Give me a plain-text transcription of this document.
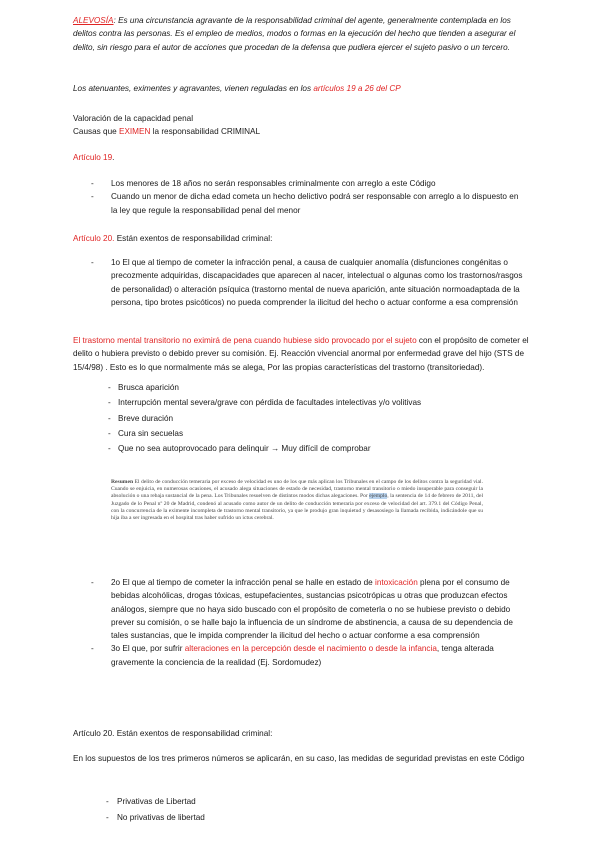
ALEVOSÍA: Es una circunstancia agravante de la responsabilidad criminal del agente, generalmente contemplada en los delitos contra las personas. Es el empleo de medios, modos o formas en la ejecución del hecho que tienden a asegurar el delito, sin riesgo para el autor de acciones que procedan de la defensa que pudiera ejercer el sujeto pasivo o un tercero.
Los atenuantes, eximentes y agravantes, vienen reguladas en los artículos 19 a 26 del CP
Valoración de la capacidad penal
Causas que EXIMEN la responsabilidad CRIMINAL
Artículo 19.
- Los menores de 18 años no serán responsables criminalmente con arreglo a este Código
- Cuando un menor de dicha edad cometa un hecho delictivo podrá ser responsable con arreglo a lo dispuesto en la ley que regule la responsabilidad penal del menor
Artículo 20. Están exentos de responsabilidad criminal:
- 1o El que al tiempo de cometer la infracción penal, a causa de cualquier anomalía (disfunciones congénitas o precozmente adquiridas, discapacidades que aparecen al nacer, intelectual o algunas como los trastornos/rasgos de personalidad) o alteración psíquica (trastorno mental de nueva aparición, ante situación normoadaptada de la persona, tipo brotes psicóticos) no pueda comprender la ilicitud del hecho o actuar conforme a esa comprensión
El trastorno mental transitorio no eximirá de pena cuando hubiese sido provocado por el sujeto con el propósito de cometer el delito o hubiera previsto o debido prever su comisión. Ej. Reacción vivencial anormal por enfermedad grave del hijo (STS de 15/4/98) . Esto es lo que normalmente más se alega, Por las propias características del trastorno (transitoriedad).
- Brusca aparición
- Interrupción mental severa/grave con pérdida de facultades intelectivas y/o volitivas
- Breve duración
- Cura sin secuelas
- Que no sea autoprovocado para delinquir → Muy difícil de comprobar
Resumen El delito de conducción temeraria por exceso de velocidad es uno de los que más aplican los Tribunales en el campo de los delitos contra la seguridad vial. Cuando se enjuicia, en numerosas ocasiones, el acusado alega situaciones de estado de necesidad, trastorno mental transitorio o miedo insuperable para conseguir la absolución o una rebaja sustancial de la pena. Los Tribunales resuelven de distintos modos dichas alegaciones. Por ejemplo, la sentencia de 14 de febrero de 2011, del Juzgado de lo Penal nº 20 de Madrid, condenó al acusado como autor de un delito de conducción temeraria por exceso de velocidad del art. 379.1 del Código Penal, con la concurrencia de la eximente incompleta de trastorno mental transitorio, ya que le produjo gran inquietud y desasosiego la llamada recibida, indicándole que su hija iba a ser ingresada en el hospital tras haber sufrido un ictus cerebral.
- 2o El que al tiempo de cometer la infracción penal se halle en estado de intoxicación plena por el consumo de bebidas alcohólicas, drogas tóxicas, estupefacientes, sustancias psicotrópicas u otras que produzcan efectos análogos, siempre que no haya sido buscado con el propósito de cometerla o no se hubiese previsto o debido prever su comisión, o se halle bajo la influencia de un síndrome de abstinencia, a causa de su dependencia de tales sustancias, que le impida comprender la ilicitud del hecho o actuar conforme a esa comprensión
- 3o El que, por sufrir alteraciones en la percepción desde el nacimiento o desde la infancia, tenga alterada gravemente la conciencia de la realidad (Ej. Sordomudez)
Artículo 20. Están exentos de responsabilidad criminal:
En los supuestos de los tres primeros números se aplicarán, en su caso, las medidas de seguridad previstas en este Código
- Privativas de Libertad
- No privativas de libertad
